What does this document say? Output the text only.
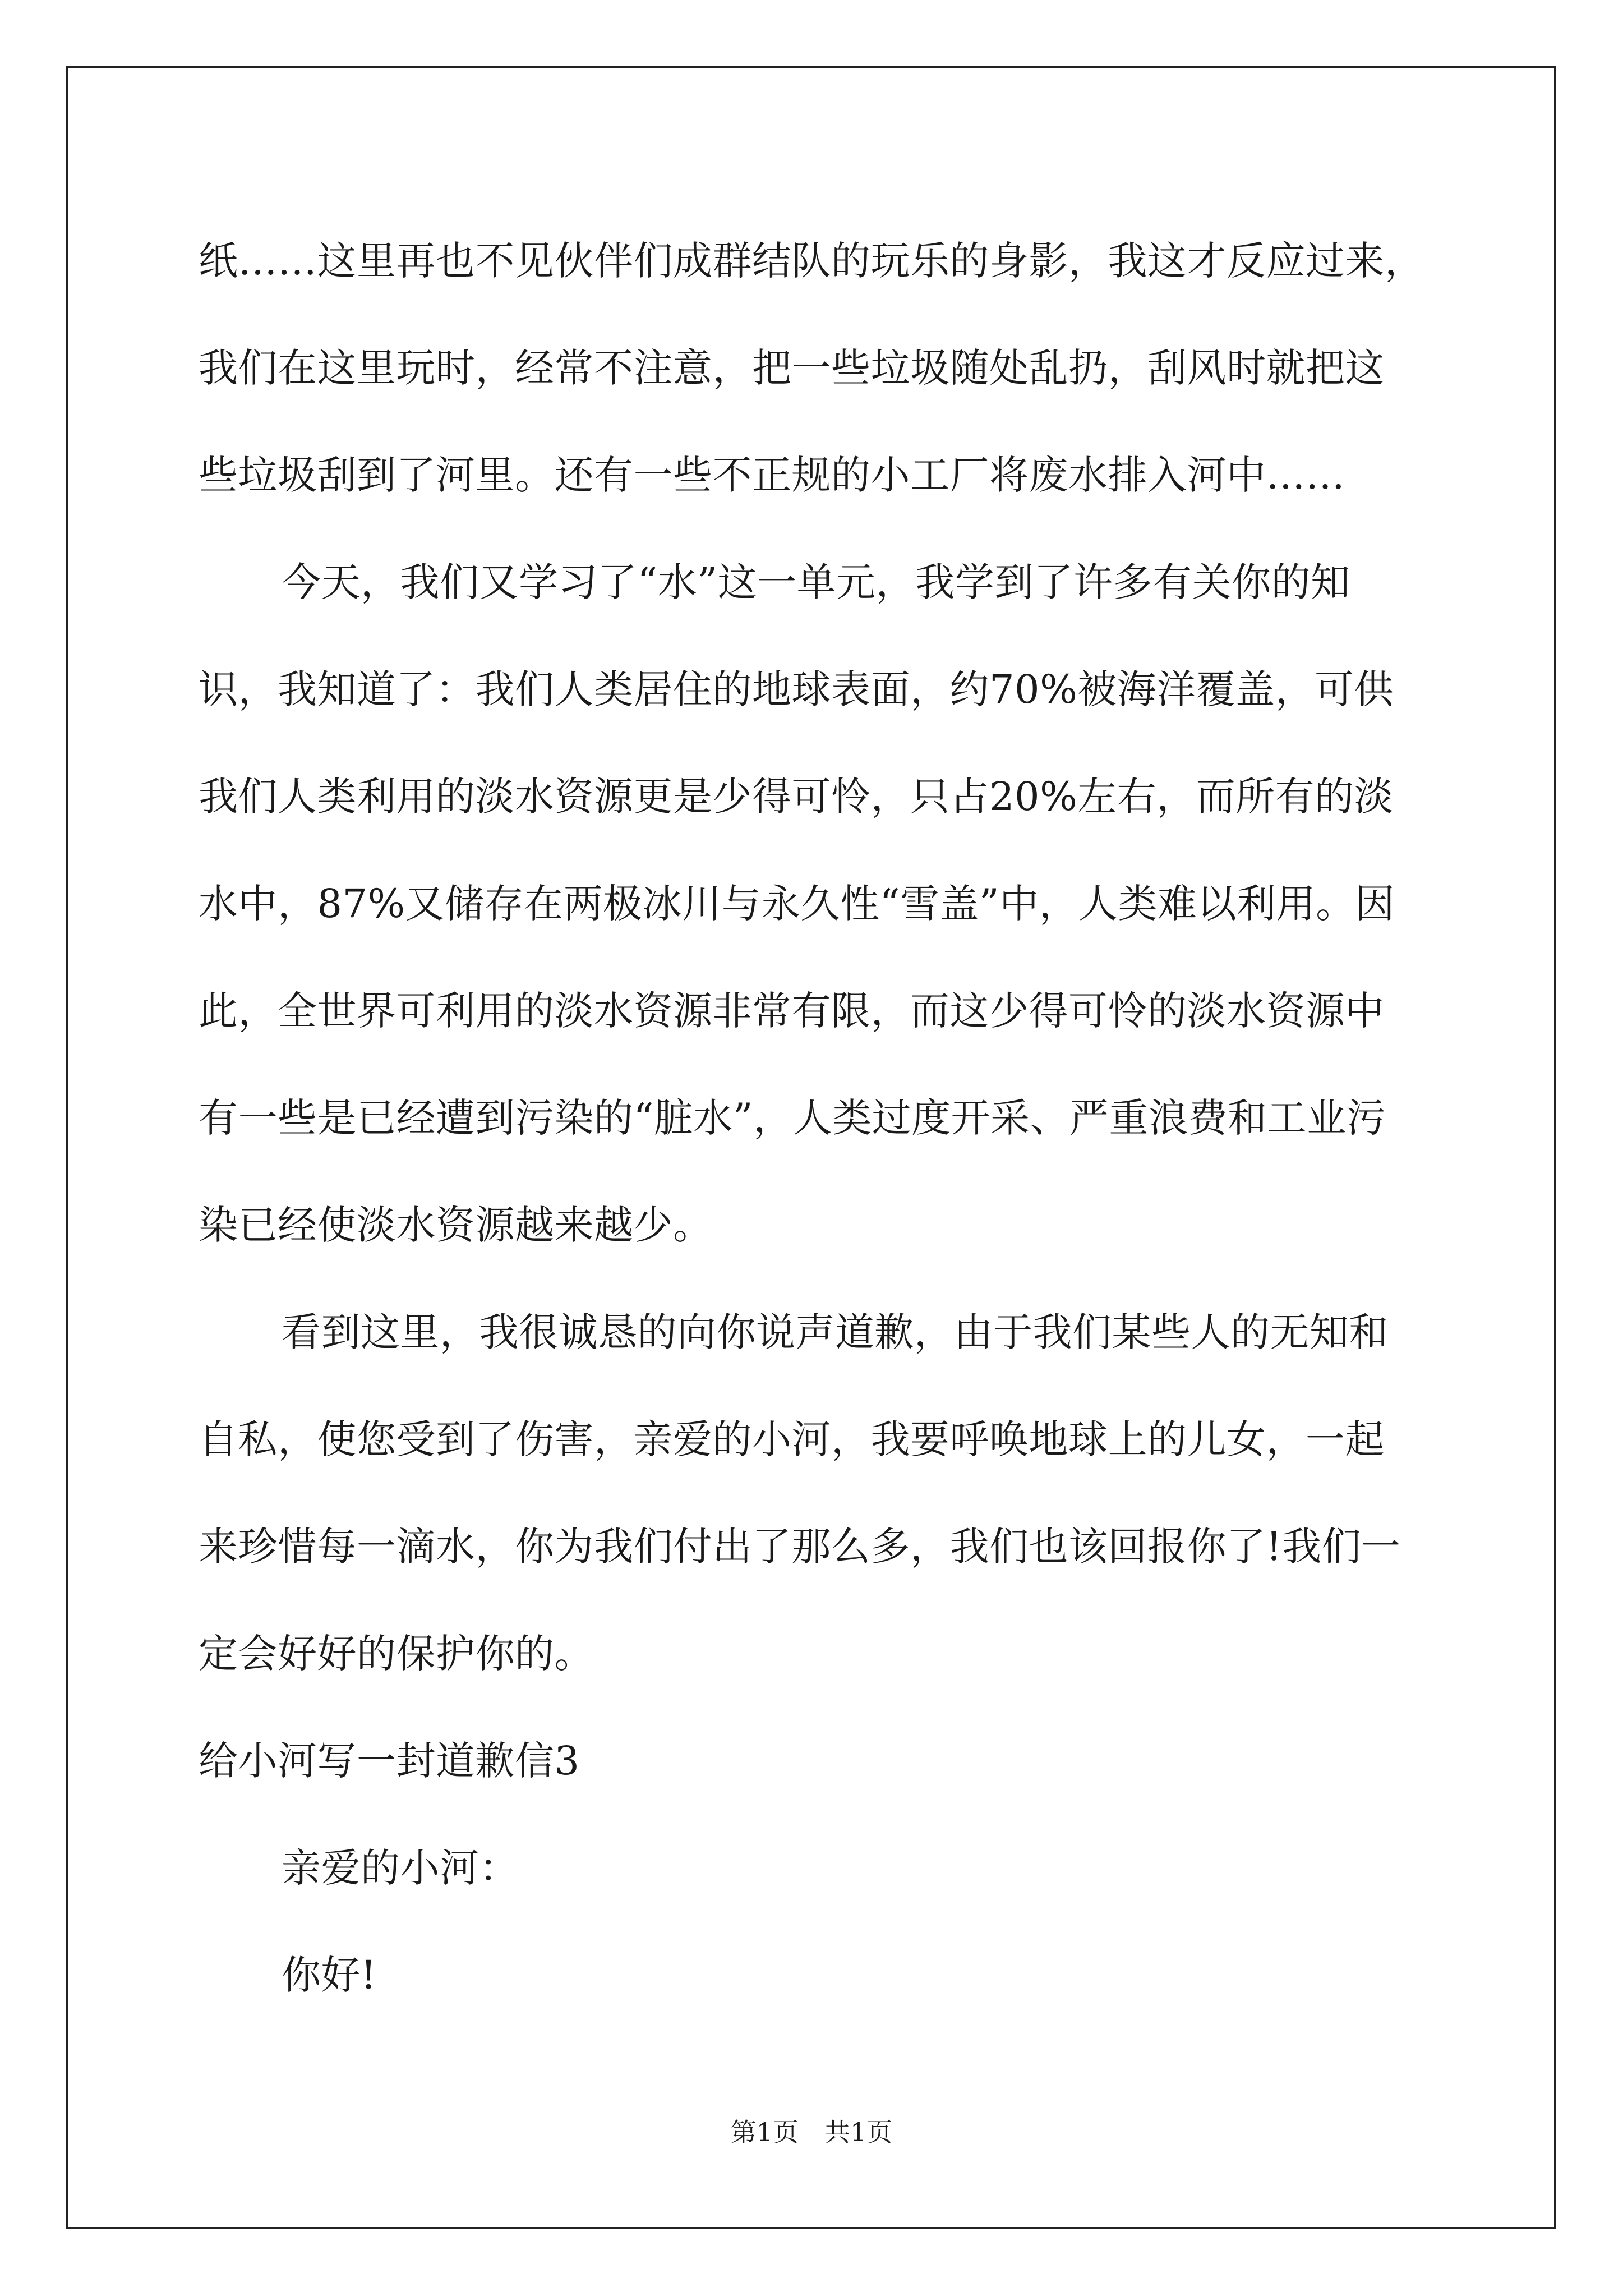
纸……这里再也不见伙伴们成群结队的玩乐的身影，我这才反应过来，
我们在这里玩时，经常不注意，把一些垃圾随处乱扔，刮风时就把这
些垃圾刮到了河里。还有一些不正规的小工厂将废水排入河中……
今天，我们又学习了“水”这一单元，我学到了许多有关你的知
识，我知道了：我们人类居住的地球表面，约70%被海洋覆盖，可供
我们人类利用的淡水资源更是少得可怜，只占20%左右，而所有的淡
水中，87%又储存在两极冰川与永久性“雪盖”中，人类难以利用。因
此，全世界可利用的淡水资源非常有限，而这少得可怜的淡水资源中
有一些是已经遭到污染的“脏水”，人类过度开采、严重浪费和工业污
染已经使淡水资源越来越少。
看到这里，我很诚恳的向你说声道歉，由于我们某些人的无知和
自私，使您受到了伤害，亲爱的小河，我要呼唤地球上的儿女，一起
来珍惜每一滴水，你为我们付出了那么多，我们也该回报你了!我们一
定会好好的保护你的。
给小河写一封道歉信3
亲爱的小河：
你好!
第1页　共1页
